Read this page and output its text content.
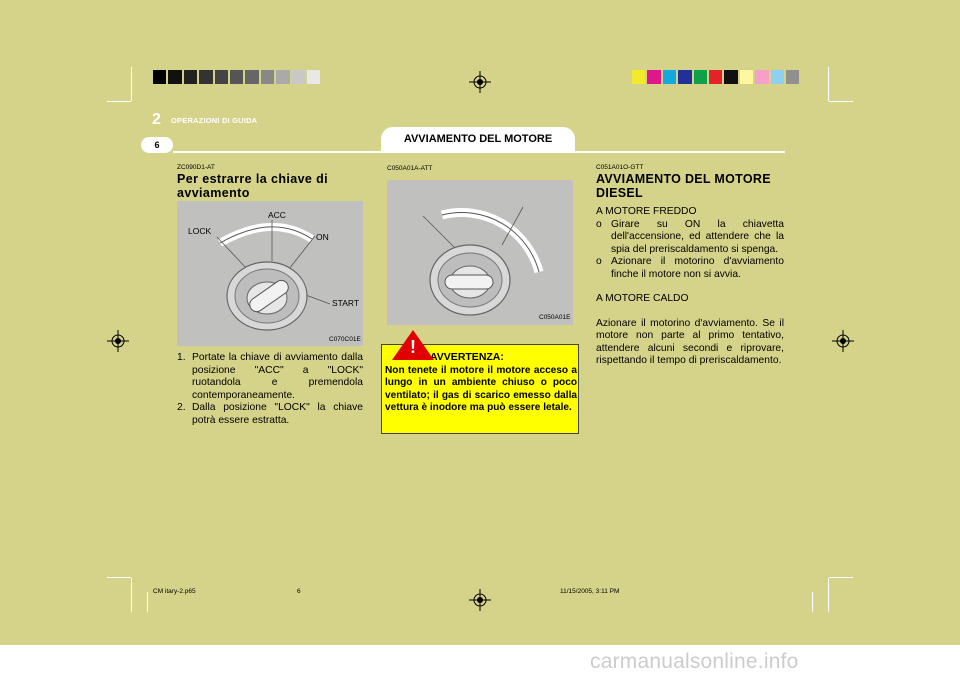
2 OPERAZIONI DI GUIDA
6	AVVIAMENTO DEL MOTORE
ZC090D1-AT
Per estrarre la chiave di avviamento
LOCK
ACC
ON
START
C070C01E
1. Portate la chiave di avviamento dalla posizione "ACC" a "LOCK" ruotandola e premendola contemporaneamente.
2. Dalla posizione "LOCK" la chiave potrà essere estratta.
C050A01A-ATT
C050A01E
AVVERTENZA:
Non tenete il motore il motore acceso a lungo in un ambiente chiuso o poco ventilato; il gas di scarico emesso dalla vettura è inodore ma può essere letale.
!
C051A01O-GTT
AVVIAMENTO DEL MOTORE DIESEL
A MOTORE FREDDO
o Girare su ON la chiavetta dell'accensione, ed attendere che la spia del preriscaldamento si spenga.
o Azionare il motorino d'avviamento finche il motore non si avvia.
A MOTORE CALDO
Azionare il motorino d'avviamento. Se il motore non parte al primo tentativo, attendere alcuni secondi e riprovare, rispettando il tempo di preriscaldamento.
CM itary-2.p65	6	11/15/2005, 3:11 PM
carmanualsonline.info
